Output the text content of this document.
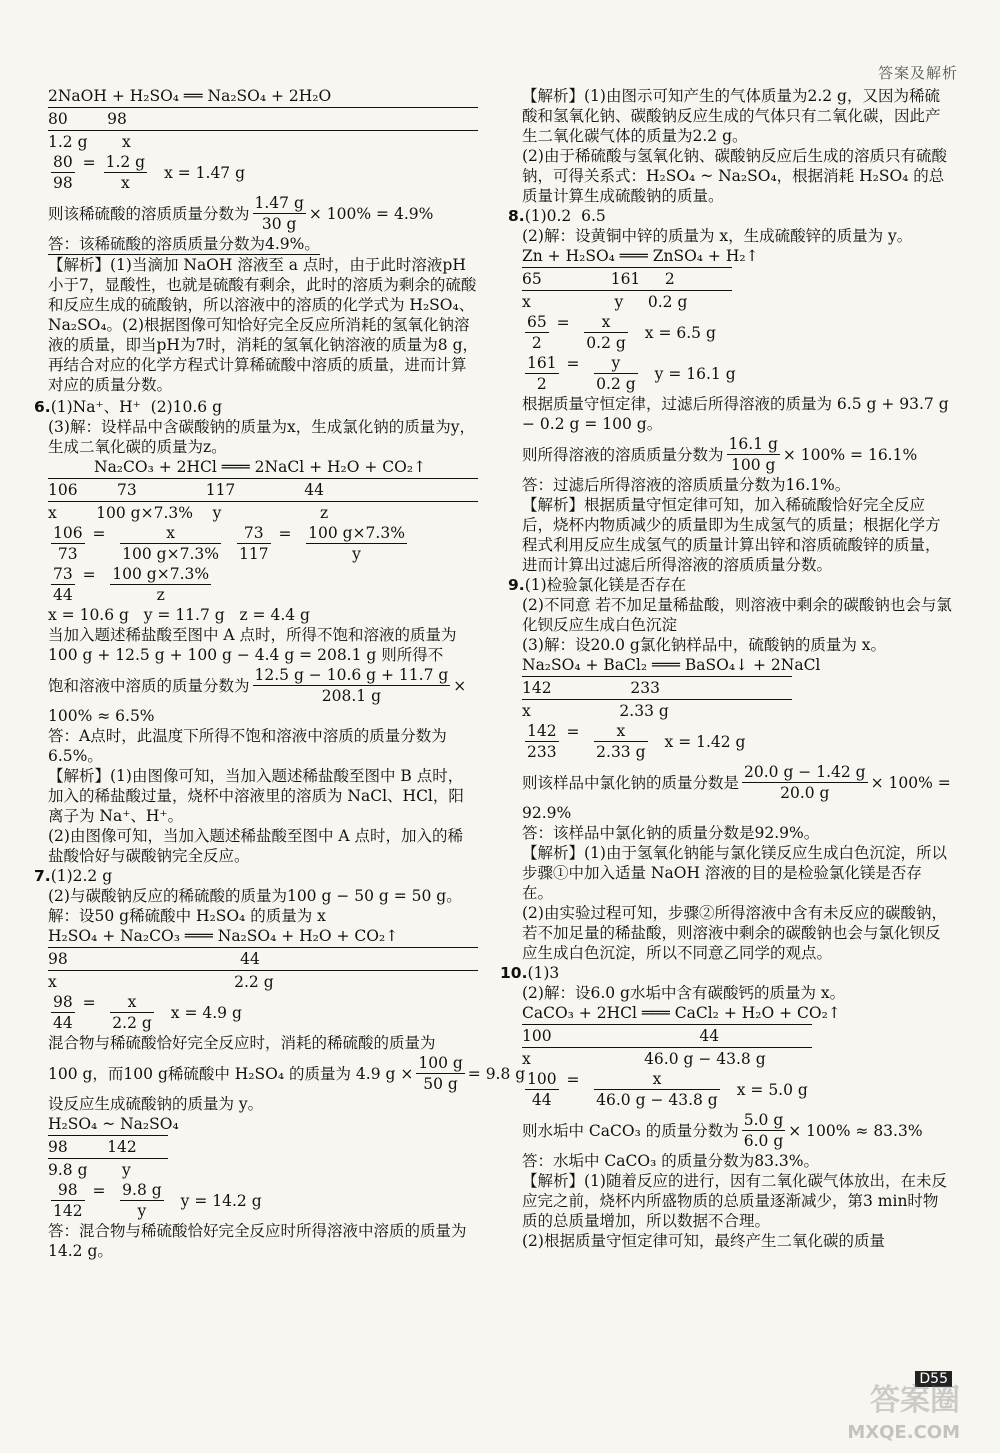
答案及解析
2NaOH + H₂SO₄ ══ Na₂SO₄ + 2H₂O
80        98
1.2 g       x
$\frac{80}{98}$ =
$\frac{1.2 g}{x}$ x = 1.47 g
则该稀硫酸的溶质质量分数为 $\frac{1.47 g}{30 g} \times 100\% = 4.9\%$
答：该稀硫酸的溶质质量分数为4.9%。
【解析】(1)当滴加 NaOH 溶液至 a 点时，由于此时溶液pH小于7，显酸性，也就是硫酸有剩余，此时的溶质为剩余的硫酸和反应生成的硫酸钠，所以溶液中的溶质的化学式为 H₂SO₄、Na₂SO₄。(2)根据图像可知恰好完全反应所消耗的氢氧化钠溶液的质量，即当pH为7时，消耗的氢氧化钠溶液的质量为8 g，再结合对应的化学方程式计算稀硫酸中溶质的质量，进而计算对应的质量分数。
6.(1)Na⁺、H⁺  (2)10.6 g
(3)解：设样品中含碳酸钠的质量为x，生成氯化钠的质量为y，生成二氧化碳的质量为z。
Na₂CO₃ + 2HCl ═══ 2NaCl + H₂O + CO₂↑
106        73              117              44
x        100 g×7.3%    y                    z
$\frac{106}{73}$ =
$\frac{x}{100 g\times 7.3\%} \frac{73}{117}$ =
$\frac{100 g\times 7.3\%}{y}$
$\frac{73}{44}$ =
$\frac{100 g\times 7.3\%}{z}$
x = 10.6 g   y = 11.7 g   z = 4.4 g
当加入题述稀盐酸至图中 A 点时，所得不饱和溶液的质量为100 g + 12.5 g + 100 g − 4.4 g = 208.1 g 则所得不
饱和溶液中溶质的质量分数为 $\frac{12.5 g - 10.6 g + 11.7 g}{208.1 g}$ ×
100% ≈ 6.5%
答：A点时，此温度下所得不饱和溶液中溶质的质量分数为6.5%。
【解析】(1)由图像可知，当加入题述稀盐酸至图中 B 点时，加入的稀盐酸过量，烧杯中溶液里的溶质为 NaCl、HCl，阳离子为 Na⁺、H⁺。
(2)由图像可知，当加入题述稀盐酸至图中 A 点时，加入的稀盐酸恰好与碳酸钠完全反应。
7.(1)2.2 g
(2)与碳酸钠反应的稀硫酸的质量为100 g − 50 g = 50 g。
解：设50 g稀硫酸中 H₂SO₄ 的质量为 x
H₂SO₄ + Na₂CO₃ ═══ Na₂SO₄ + H₂O + CO₂↑
98                                   44
x                                    2.2 g
$\frac{98}{44}$ =
$\frac{x}{2.2 g}$ x = 4.9 g
混合物与稀硫酸恰好完全反应时，消耗的稀硫酸的质量为
100 g，而100 g稀硫酸中 H₂SO₄ 的质量为 4.9 $g \times \frac{100 g}{50 g} = 9.8$ g
设反应生成硫酸钠的质量为 y。
H₂SO₄ ~ Na₂SO₄
98        142
9.8 g       y
$\frac{98}{142}$ =
$\frac{9.8 g}{y}$ y = 14.2 g
答：混合物与稀硫酸恰好完全反应时所得溶液中溶质的质量为14.2 g。
【解析】(1)由图示可知产生的气体质量为2.2 g，又因为稀硫酸和氢氧化钠、碳酸钠反应生成的气体只有二氧化碳，因此产生二氧化碳气体的质量为2.2 g。
(2)由于稀硫酸与氢氧化钠、碳酸钠反应后生成的溶质只有硫酸钠，可得关系式：H₂SO₄ ~ Na₂SO₄，根据消耗 H₂SO₄ 的总质量计算生成硫酸钠的质量。
8.(1)0.2  6.5
(2)解：设黄铜中锌的质量为 x，生成硫酸锌的质量为 y。
Zn + H₂SO₄ ═══ ZnSO₄ + H₂↑
65              161     2
x                 y     0.2 g
$\frac{65}{2}$ =
$\frac{x}{0.2 g}$ x = 6.5 g
$\frac{161}{2}$ =
$\frac{y}{0.2 g}$ y = 16.1 g
根据质量守恒定律，过滤后所得溶液的质量为 6.5 g + 93.7 g − 0.2 g = 100 g。
则所得溶液的溶质质量分数为 $\frac{16.1 g}{100 g} \times 100\% = 16.1\%$
答：过滤后所得溶液的溶质质量分数为16.1%。
【解析】根据质量守恒定律可知，加入稀硫酸恰好完全反应后，烧杯内物质减少的质量即为生成氢气的质量；根据化学方程式利用反应生成氢气的质量计算出锌和溶质硫酸锌的质量，进而计算出过滤后所得溶液的溶质质量分数。
9.(1)检验氯化镁是否存在
(2)不同意 若不加足量稀盐酸，则溶液中剩余的碳酸钠也会与氯化钡反应生成白色沉淀
(3)解：设20.0 g氯化钠样品中，硫酸钠的质量为 x。
Na₂SO₄ + BaCl₂ ═══ BaSO₄↓ + 2NaCl
142                233
x                  2.33 g
$\frac{142}{233}$ =
$\frac{x}{2.33 g}$ x = 1.42 g
则该样品中氯化钠的质量分数是 $\frac{20.0 g - 1.42 g}{20.0 g} \times 100\%$ =
92.9%
答：该样品中氯化钠的质量分数是92.9%。
【解析】(1)由于氢氧化钠能与氯化镁反应生成白色沉淀，所以步骤①中加入适量 NaOH 溶液的目的是检验氯化镁是否存在。
(2)由实验过程可知，步骤②所得溶液中含有未反应的碳酸钠，若不加足量的稀盐酸，则溶液中剩余的碳酸钠也会与氯化钡反应生成白色沉淀，所以不同意乙同学的观点。
10.(1)3
(2)解：设6.0 g水垢中含有碳酸钙的质量为 x。
CaCO₃ + 2HCl ═══ CaCl₂ + H₂O + CO₂↑
100                              44
x                       46.0 g − 43.8 g
$\frac{100}{44}$ =
$\frac{x}{46.0 g - 43.8 g}$ x = 5.0 g
则水垢中 CaCO₃ 的质量分数为 $\frac{5.0 g}{6.0 g} \times 100\% \approx 83.3\%$
答：水垢中 CaCO₃ 的质量分数为83.3%。
【解析】(1)随着反应的进行，因有二氧化碳气体放出，在未反应完之前，烧杯内所盛物质的总质量逐渐减少，第3 min时物质的总质量增加，所以数据不合理。
(2)根据质量守恒定律可知，最终产生二氧化碳的质量
D55
答案圈
MXQE.COM
